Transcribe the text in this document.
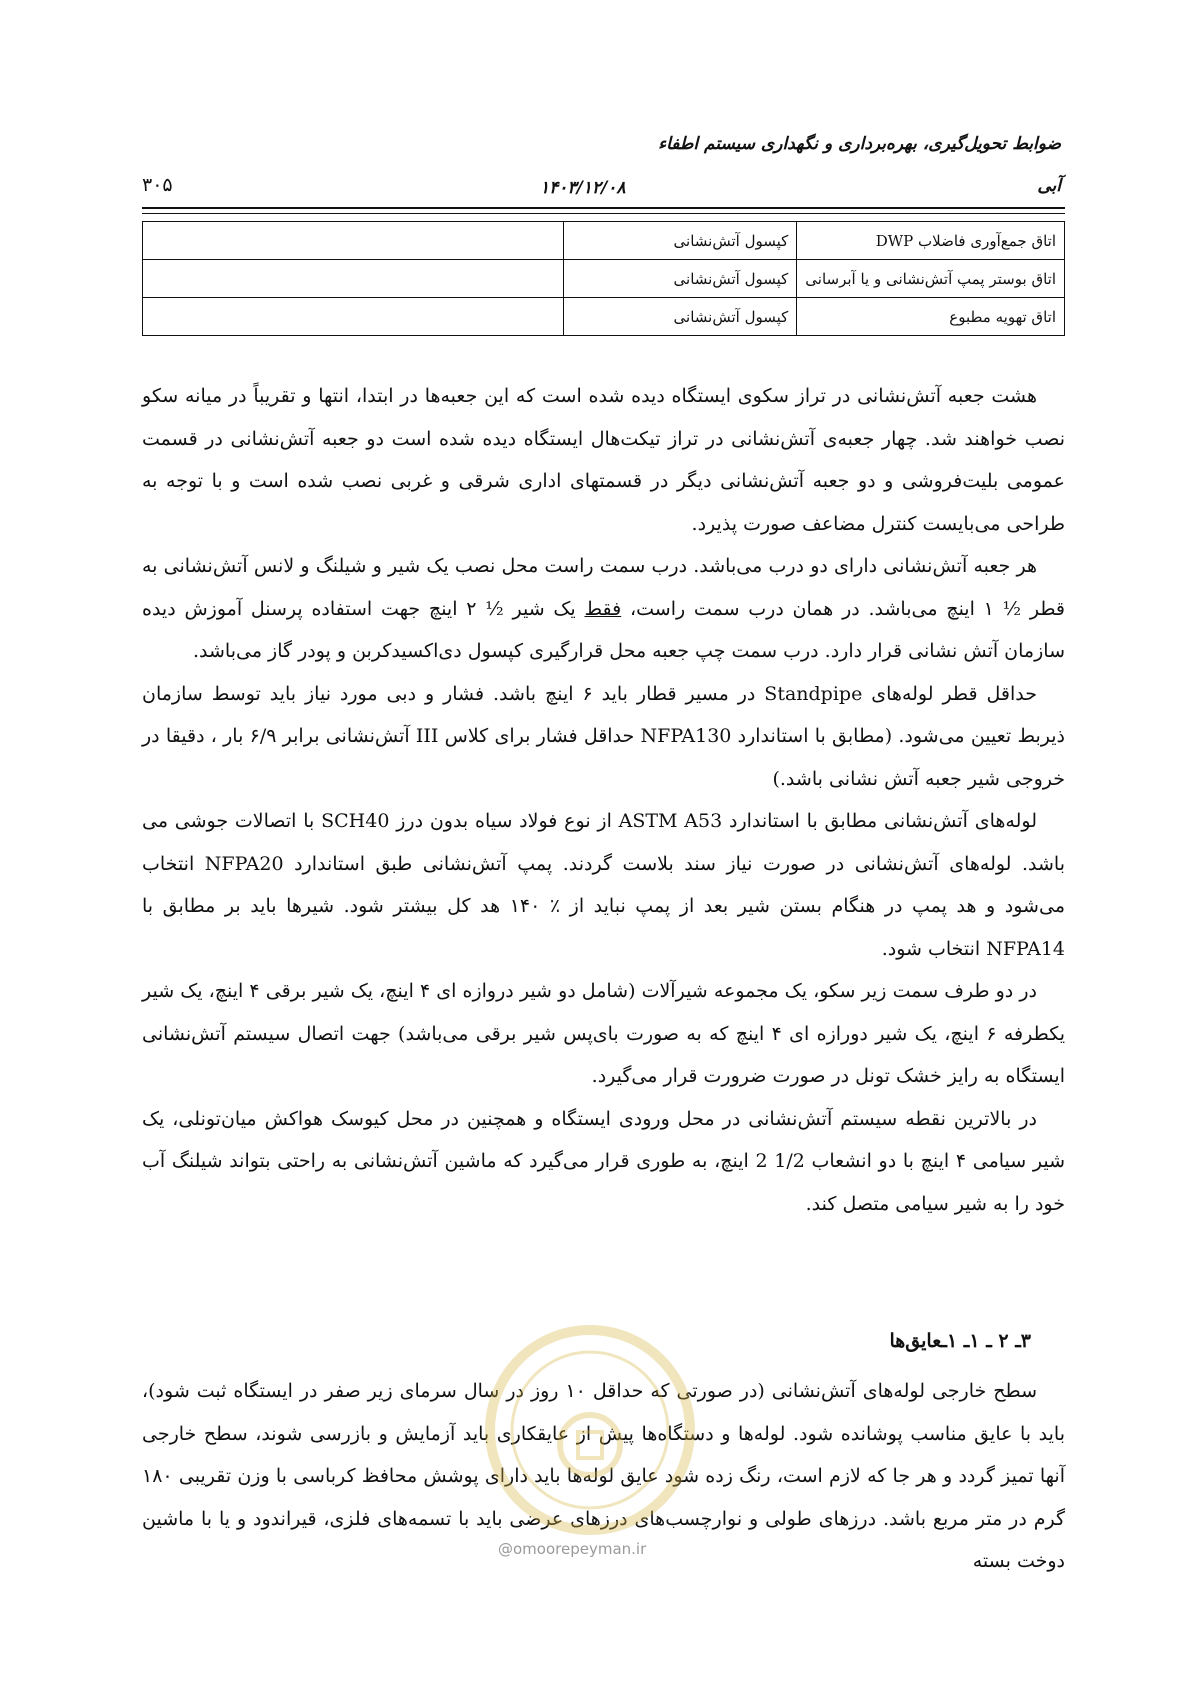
ضوابط تحویل‌گیری، بهره‌برداری و نگهداری سیستم اطفاء
آبی
۱۴۰۳/۱۲/۰۸
۳۰۵
اتاق جمع‌آوری فاضلاب DWP	کپسول آتش‌نشانی	
اتاق بوستر پمپ آتش‌نشانی و یا آبرسانی	کپسول آتش‌نشانی	
اتاق تهویه مطبوع	کپسول آتش‌نشانی	

هشت جعبه آتش‌نشانی در تراز سکوی ایستگاه دیده شده است که این جعبه‌ها در ابتدا، انتها و تقریباً در میانه سکو نصب خواهند شد. چهار جعبه‌ی آتش‌نشانی در تراز تیکت‌هال ایستگاه دیده شده است دو جعبه آتش‌نشانی در قسمت عمومی بلیت‌فروشی و دو جعبه آتش‌نشانی دیگر در قسمتهای اداری شرقی و غربی نصب شده است و با توجه به طراحی می‌بایست کنترل مضاعف صورت پذیرد.

هر جعبه آتش‌نشانی دارای دو درب می‌باشد. درب سمت راست محل نصب یک شیر و شیلنگ و لانس آتش‌نشانی به قطر ½ ۱ اینچ می‌باشد. در همان درب سمت راست، فقط یک شیر ½ ۲ اینچ جهت استفاده پرسنل آموزش دیده سازمان آتش نشانی قرار دارد. درب سمت چپ جعبه محل قرارگیری کپسول دی‌اکسیدکربن و پودر گاز می‌باشد.

حداقل قطر لوله‌های Standpipe در مسیر قطار باید ۶ اینچ باشد. فشار و دبی مورد نیاز باید توسط سازمان ذیربط تعیین می‌شود. (مطابق با استاندارد NFPA130 حداقل فشار برای کلاس III آتش‌نشانی برابر ۶/۹ بار ، دقیقا در خروجی شیر جعبه آتش نشانی باشد.)

لوله‌های آتش‌نشانی مطابق با استاندارد ASTM A53 از نوع فولاد سیاه بدون درز SCH40 با اتصالات جوشی می باشد. لوله‌های آتش‌نشانی در صورت نیاز سند بلاست گردند. پمپ آتش‌نشانی طبق استاندارد NFPA20 انتخاب می‌شود و هد پمپ در هنگام بستن شیر بعد از پمپ نباید از ٪ ۱۴۰ هد کل بیشتر شود. شیرها باید بر مطابق با NFPA14 انتخاب شود.

در دو طرف سمت زیر سکو، یک مجموعه شیرآلات (شامل دو شیر دروازه ای ۴ اینچ، یک شیر برقی ۴ اینچ، یک شیر یکطرفه ۶ اینچ، یک شیر دورازه ای ۴ اینچ که به صورت بای‌پس شیر برقی می‌باشد) جهت اتصال سیستم آتش‌نشانی ایستگاه به رایز خشک تونل در صورت ضرورت قرار می‌گیرد.

در بالاترین نقطه سیستم آتش‌نشانی در محل ورودی ایستگاه و همچنین در محل کیوسک هواکش میان‌تونلی، یک شیر سیامی ۴ اینچ با دو انشعاب 1/2 2 اینچ، به طوری قرار می‌گیرد که ماشین آتش‌نشانی به راحتی بتواند شیلنگ آب خود را به شیر سیامی متصل کند.

۳ـ ۲ ـ ۱ـ ۱ـعایق‌ها

سطح خارجی لوله‌های آتش‌نشانی (در صورتی که حداقل ۱۰ روز در سال سرمای زیر صفر در ایستگاه ثبت شود)، باید با عایق مناسب پوشانده شود. لوله‌ها و دستگاه‌ها پیش از عایقکاری باید آزمایش و بازرسی شوند، سطح خارجی آنها تمیز گردد و هر جا که لازم است، رنگ زده شود عایق لوله‌ها باید دارای پوشش محافظ کرباسی با وزن تقریبی ۱۸۰ گرم در متر مربع باشد. درزهای طولی و نوارچسب‌های درزهای عرضی باید با تسمه‌های فلزی، قیراندود و یا با ماشین دوخت بسته

@omoorepeyman.ir
